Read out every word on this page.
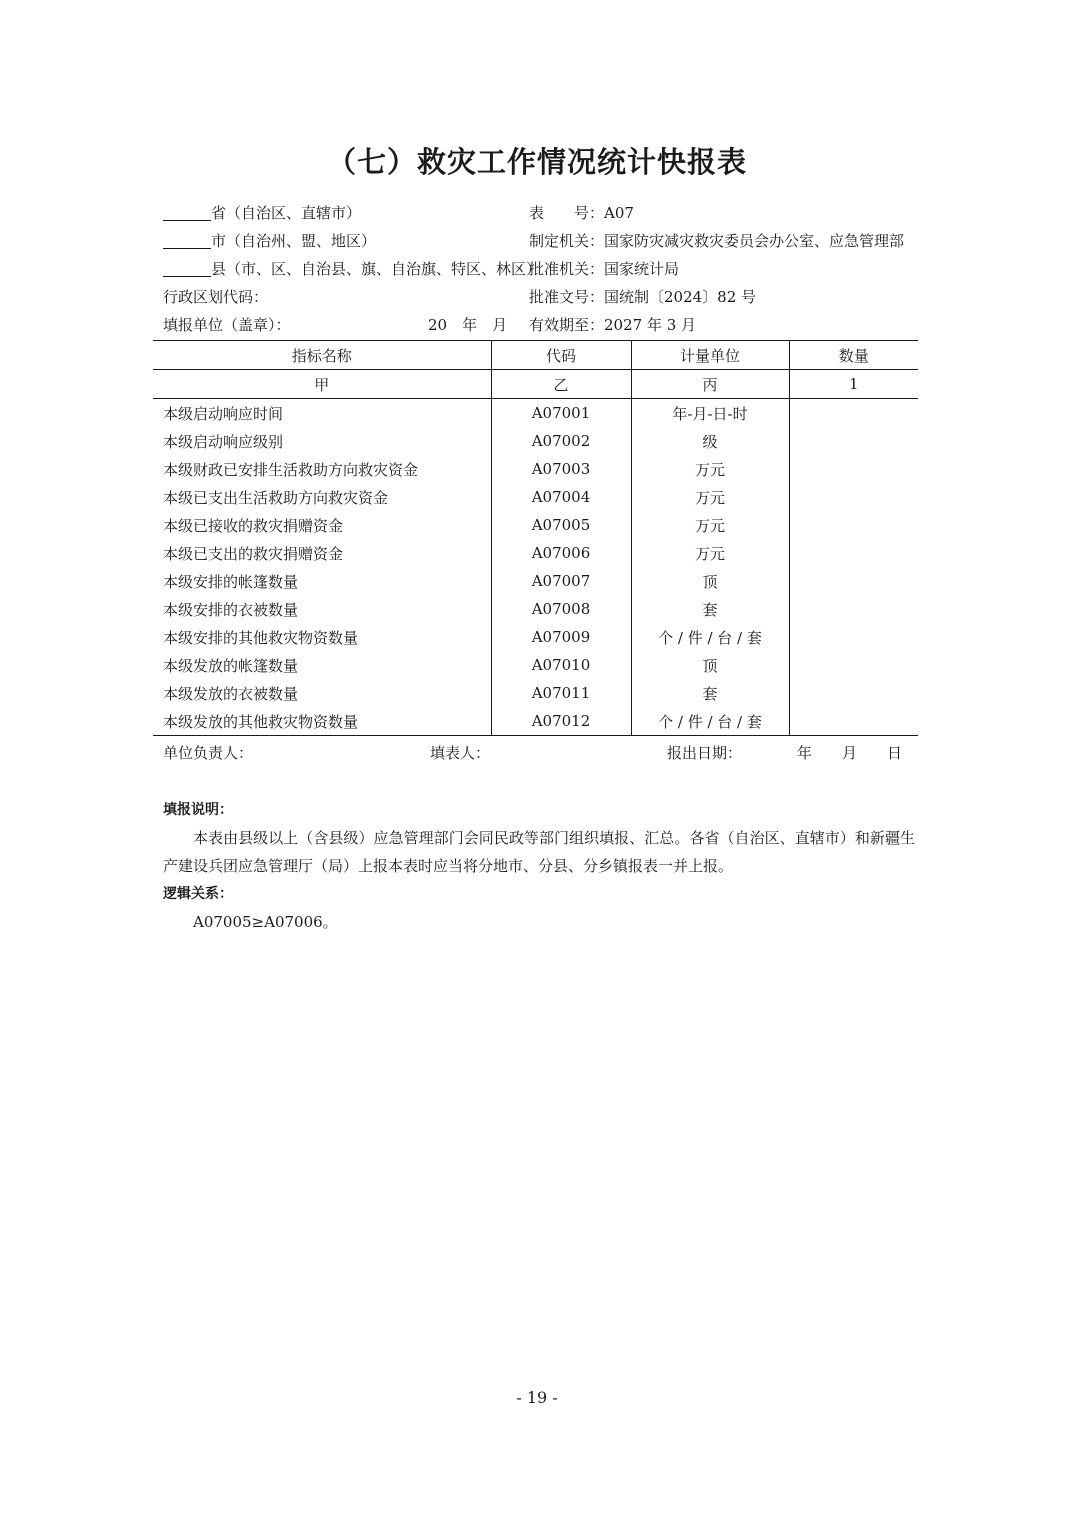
（七）救灾工作情况统计快报表
省（自治区、直辖市）
市（自治州、盟、地区）
县（市、区、自治县、旗、自治旗、特区、林区）
行政区划代码：
填报单位（盖章）：	20　年　月
表　　号：A07
制定机关：国家防灾减灾救灾委员会办公室、应急管理部
批准机关：国家统计局
批准文号：国统制〔2024〕82 号
有效期至：2027 年 3 月
指标名称	代码	计量单位	数量
甲	乙	丙	1
本级启动响应时间	A07001	年-月-日-时	
本级启动响应级别	A07002	级	
本级财政已安排生活救助方向救灾资金	A07003	万元	
本级已支出生活救助方向救灾资金	A07004	万元	
本级已接收的救灾捐赠资金	A07005	万元	
本级已支出的救灾捐赠资金	A07006	万元	
本级安排的帐篷数量	A07007	顶	
本级安排的衣被数量	A07008	套	
本级安排的其他救灾物资数量	A07009	个 / 件 / 台 / 套	
本级发放的帐篷数量	A07010	顶	
本级发放的衣被数量	A07011	套	
本级发放的其他救灾物资数量	A07012	个 / 件 / 台 / 套	
单位负责人：	填表人：	报出日期：	年　　月　　日
填报说明：
本表由县级以上（含县级）应急管理部门会同民政等部门组织填报、汇总。各省（自治区、直辖市）和新疆生产建设兵团应急管理厅（局）上报本表时应当将分地市、分县、分乡镇报表一并上报。
逻辑关系：
A07005≥A07006。
- 19 -
